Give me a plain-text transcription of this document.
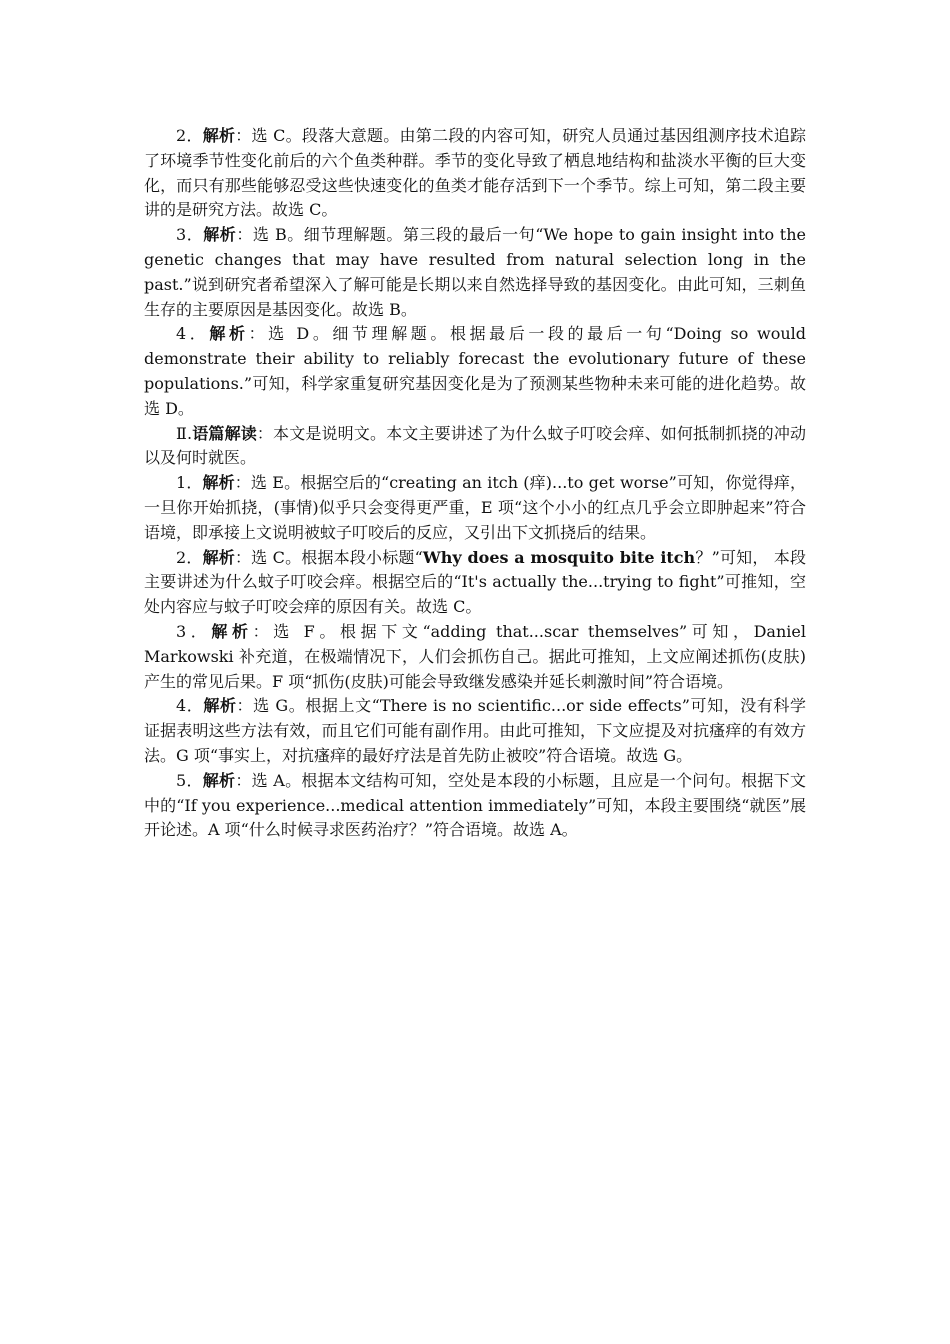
2．解析：选 C。段落大意题。由第二段的内容可知，研究人员通过基因组测序技术追踪了环境季节性变化前后的六个鱼类种群。季节的变化导致了栖息地结构和盐淡水平衡的巨大变化，而只有那些能够忍受这些快速变化的鱼类才能存活到下一个季节。综上可知，第二段主要讲的是研究方法。故选 C。

3．解析：选 B。细节理解题。第三段的最后一句“We hope to gain insight into the genetic changes that may have resulted from natural selection long in the past.”说到研究者希望深入了解可能是长期以来自然选择导致的基因变化。由此可知，三刺鱼生存的主要原因是基因变化。故选 B。

4．解析：选 D。细节理解题。根据最后一段的最后一句“Doing so would demonstrate their ability to reliably forecast the evolutionary future of these populations.”可知，科学家重复研究基因变化是为了预测某些物种未来可能的进化趋势。故选 D。

Ⅱ.语篇解读：本文是说明文。本文主要讲述了为什么蚊子叮咬会痒、如何抵制抓挠的冲动以及何时就医。

1．解析：选 E。根据空后的“creating an itch (痒)...to get worse”可知，你觉得痒，一旦你开始抓挠，(事情)似乎只会变得更严重，E 项“这个小小的红点几乎会立即肿起来”符合语境，即承接上文说明被蚊子叮咬后的反应，又引出下文抓挠后的结果。

2．解析：选 C。根据本段小标题“Why does a mosquito bite itch？”可知， 本段主要讲述为什么蚊子叮咬会痒。根据空后的“It's actually the...trying to fight”可推知，空处内容应与蚊子叮咬会痒的原因有关。故选 C。

3．解析：选 F。根据下文“adding that...scar themselves”可知，Daniel Markowski 补充道，在极端情况下，人们会抓伤自己。据此可推知，上文应阐述抓伤(皮肤)产生的常见后果。F 项“抓伤(皮肤)可能会导致继发感染并延长刺激时间”符合语境。

4．解析：选 G。根据上文“There is no scientific...or side effects”可知，没有科学证据表明这些方法有效，而且它们可能有副作用。由此可推知，下文应提及对抗瘙痒的有效方法。G 项“事实上，对抗瘙痒的最好疗法是首先防止被咬”符合语境。故选 G。

5．解析：选 A。根据本文结构可知，空处是本段的小标题，且应是一个问句。根据下文中的“If you experience...medical attention immediately”可知，本段主要围绕“就医”展开论述。A 项“什么时候寻求医药治疗？”符合语境。故选 A。
